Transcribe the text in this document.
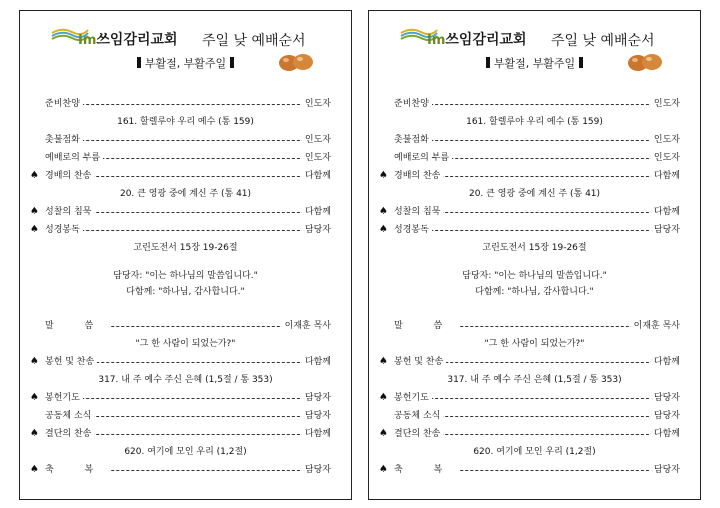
Im쓰임감리교회 주일 낮 예배순서
부활절, 부활주일
준비찬양	인도자
161. 할렐루야 우리 예수 (통 159)
촛불점화	인도자
예배로의 부름	인도자
♠ 경배의 찬송	다함께
20. 큰 영광 중에 계신 주 (통 41)
♠ 성찰의 침묵	다함께
♠ 성경봉독	담당자
고린도전서 15장 19-26절
담당자: "이는 하나님의 말씀입니다."
다함께: "하나님, 감사합니다."
말 씀	이재훈 목사
"그 한 사람이 되었는가?"
♠ 봉헌 및 찬송	다함께
317. 내 주 예수 주신 은혜 (1,5절 / 통 353)
♠ 봉헌기도	담당자
공동체 소식	담당자
♠ 결단의 찬송	다함께
620. 여기에 모인 우리 (1,2절)
♠ 축 복	담당자
Im쓰임감리교회 주일 낮 예배순서
부활절, 부활주일
준비찬양	인도자
161. 할렐루야 우리 예수 (통 159)
촛불점화	인도자
예배로의 부름	인도자
♠ 경배의 찬송	다함께
20. 큰 영광 중에 계신 주 (통 41)
♠ 성찰의 침묵	다함께
♠ 성경봉독	담당자
고린도전서 15장 19-26절
담당자: "이는 하나님의 말씀입니다."
다함께: "하나님, 감사합니다."
말 씀	이재훈 목사
"그 한 사람이 되었는가?"
♠ 봉헌 및 찬송	다함께
317. 내 주 예수 주신 은혜 (1,5절 / 통 353)
♠ 봉헌기도	담당자
공동체 소식	담당자
♠ 결단의 찬송	다함께
620. 여기에 모인 우리 (1,2절)
♠ 축 복	담당자
